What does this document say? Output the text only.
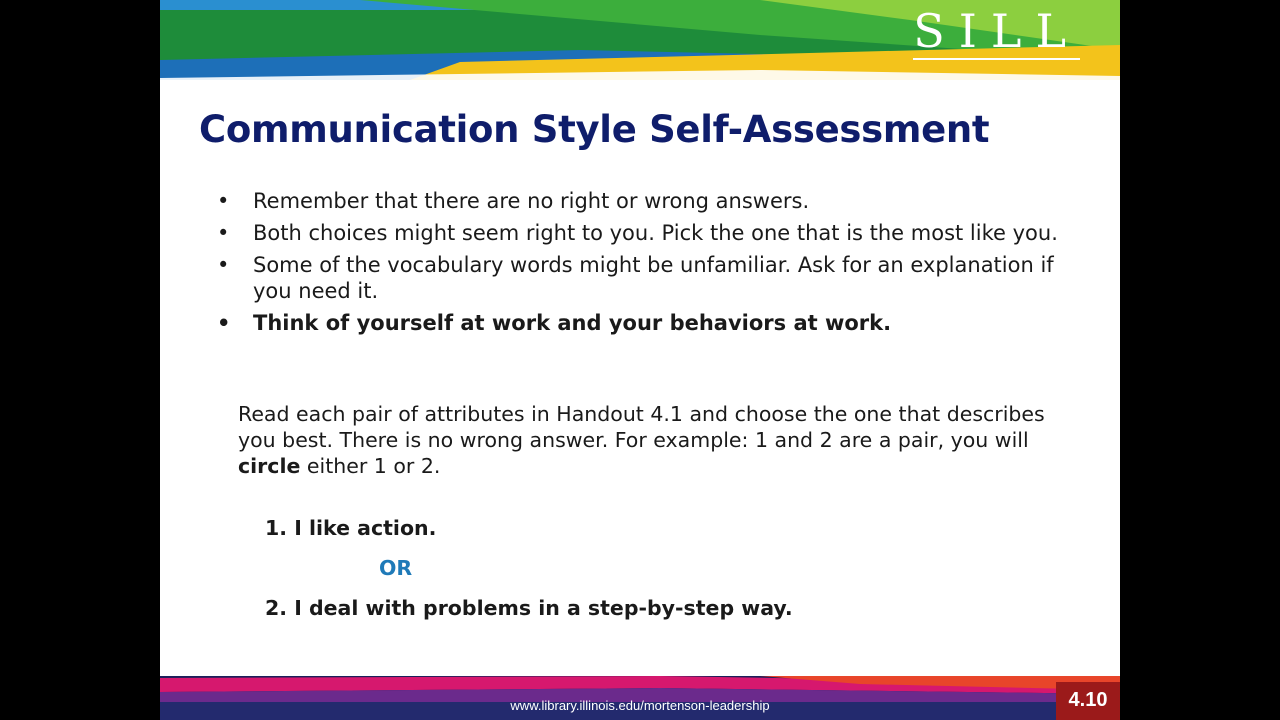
SILL
Communication Style Self-Assessment
• Remember that there are no right or wrong answers.
• Both choices might seem right to you. Pick the one that is the most like you.
• Some of the vocabulary words might be unfamiliar. Ask for an explanation if you need it.
• Think of yourself at work and your behaviors at work.

Read each pair of attributes in Handout 4.1 and choose the one that describes you best. There is no wrong answer. For example: 1 and 2 are a pair, you will circle either 1 or 2.

1. I like action.
OR
2. I deal with problems in a step-by-step way.
www.library.illinois.edu/mortenson-leadership	4.10
